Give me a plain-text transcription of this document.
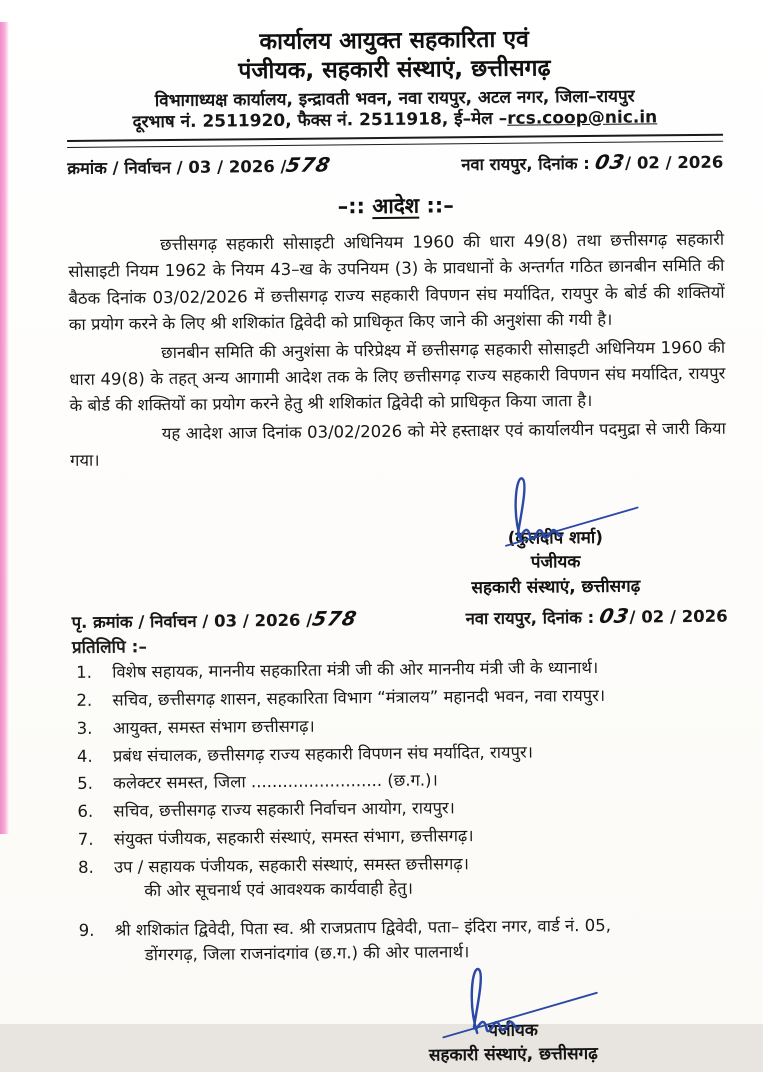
कार्यालय आयुक्त सहकारिता एवं
पंजीयक, सहकारी संस्थाएं, छत्तीसगढ़
विभागाध्यक्ष कार्यालय, इन्द्रावती भवन, नवा रायपुर, अटल नगर, जिला–रायपुर
दूरभाष नं. 2511920, फैक्स नं. 2511918, ई–मेल –rcs.coop@nic.in
क्रमांक / निर्वाचन / 03 / 2026 /578	नवा रायपुर, दिनांक : 03/ 02 / 2026
–:: आदेश ::–

छत्तीसगढ़ सहकारी सोसाइटी अधिनियम 1960 की धारा 49(8) तथा छत्तीसगढ़ सहकारी सोसाइटी नियम 1962 के नियम 43–ख के उपनियम (3) के प्रावधानों के अन्तर्गत गठित छानबीन समिति की बैठक दिनांक 03/02/2026 में छत्तीसगढ़ राज्य सहकारी विपणन संघ मर्यादित, रायपुर के बोर्ड की शक्तियों का प्रयोग करने के लिए श्री शशिकांत द्विवेदी को प्राधिकृत किए जाने की अनुशंसा की गयी है।

छानबीन समिति की अनुशंसा के परिप्रेक्ष्य में छत्तीसगढ़ सहकारी सोसाइटी अधिनियम 1960 की धारा 49(8) के तहत् अन्य आगामी आदेश तक के लिए छत्तीसगढ़ राज्य सहकारी विपणन संघ मर्यादित, रायपुर के बोर्ड की शक्तियों का प्रयोग करने हेतु श्री शशिकांत द्विवेदी को प्राधिकृत किया जाता है।

यह आदेश आज दिनांक 03/02/2026 को मेरे हस्ताक्षर एवं कार्यालयीन पदमुद्रा से जारी किया गया।

(कुलदीप शर्मा)
पंजीयक
सहकारी संस्थाएं, छत्तीसगढ़
पृ. क्रमांक / निर्वाचन / 03 / 2026 /578	नवा रायपुर, दिनांक : 03/ 02 / 2026
प्रतिलिपि :–
1.	विशेष सहायक, माननीय सहकारिता मंत्री जी की ओर माननीय मंत्री जी के ध्यानार्थ।
2.	सचिव, छत्तीसगढ़ शासन, सहकारिता विभाग “मंत्रालय” महानदी भवन, नवा रायपुर।
3.	आयुक्त, समस्त संभाग छत्तीसगढ़।
4.	प्रबंध संचालक, छत्तीसगढ़ राज्य सहकारी विपणन संघ मर्यादित, रायपुर।
5.	कलेक्टर समस्त, जिला ......................... (छ.ग.)।
6.	सचिव, छत्तीसगढ़ राज्य सहकारी निर्वाचन आयोग, रायपुर।
7.	संयुक्त पंजीयक, सहकारी संस्थाएं, समस्त संभाग, छत्तीसगढ़।
8.	उप / सहायक पंजीयक, सहकारी संस्थाएं, समस्त छत्तीसगढ़।
की ओर सूचनार्थ एवं आवश्यक कार्यवाही हेतु।
9.	श्री शशिकांत द्विवेदी, पिता स्व. श्री राजप्रताप द्विवेदी, पता– इंदिरा नगर, वार्ड नं. 05,
डोंगरगढ़, जिला राजनांदगांव (छ.ग.) की ओर पालनार्थ।
पंजीयक
सहकारी संस्थाएं, छत्तीसगढ़
